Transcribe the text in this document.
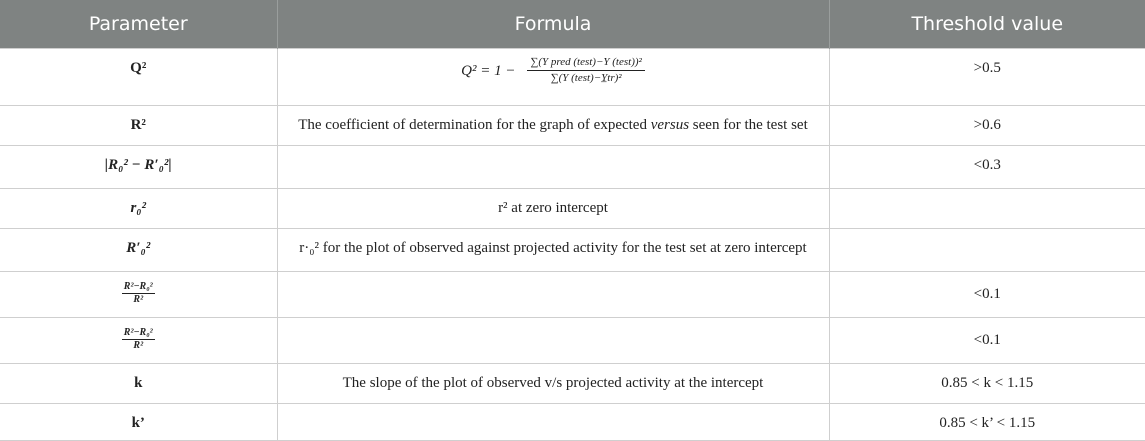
Parameter	Formula	Threshold value
Q²	$Q^2 = 1 - \frac{\text{∑(Y pred (test)−Y (test))²}}{\text{∑(Y (test)−Y̲tr)²}}$	>0.5
R²	The coefficient of determination for the graph of expected versus seen for the test set	>0.6
|R₀² − R′₀²|		<0.3
r₀²	r² at zero intercept	
R′₀²	r·₀² for the plot of observed against projected activity for the test set at zero intercept	

$\frac{\text{R²−R₀²}}{\text{R²}}$		<0.1

$\frac{\text{R²−R₀²}}{\text{R²}}$		<0.1
k	The slope of the plot of observed v/s projected activity at the intercept	0.85 < k < 1.15
k’		0.85 < k’ < 1.15
